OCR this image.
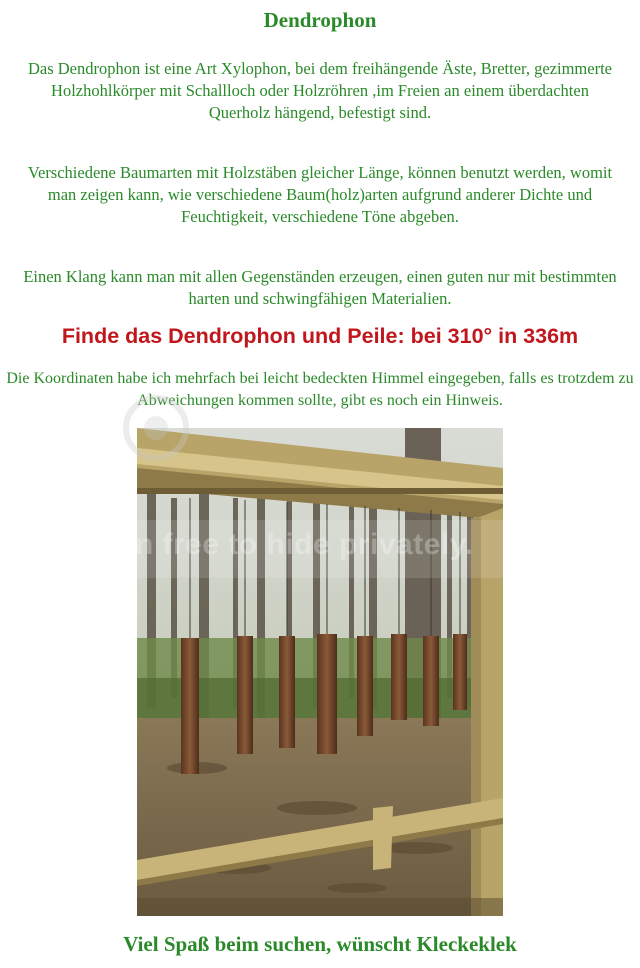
Dendrophon
Das Dendrophon ist eine Art Xylophon, bei dem freihängende Äste, Bretter, gezimmerte Holzhohlkörper mit Schallloch oder Holzröhren ,im Freien an einem überdachten Querholz hängend, befestigt sind.
Verschiedene Baumarten mit Holzstäben gleicher Länge, können benutzt werden, womit man zeigen kann, wie verschiedene Baum(holz)arten aufgrund anderer Dichte und Feuchtigkeit, verschiedene Töne abgeben.
Einen Klang kann man mit allen Gegenständen erzeugen, einen guten nur mit bestimmten harten und schwingfähigen Materialien.
Finde das Dendrophon und Peile: bei 310° in 336m
Die Koordinaten habe ich mehrfach bei leicht bedeckten Himmel eingegeben, falls es trotzdem zu Abweichungen kommen sollte, gibt es noch ein Hinweis.
Join free to hide privately.
Viel Spaß beim suchen, wünscht Kleckeklek
